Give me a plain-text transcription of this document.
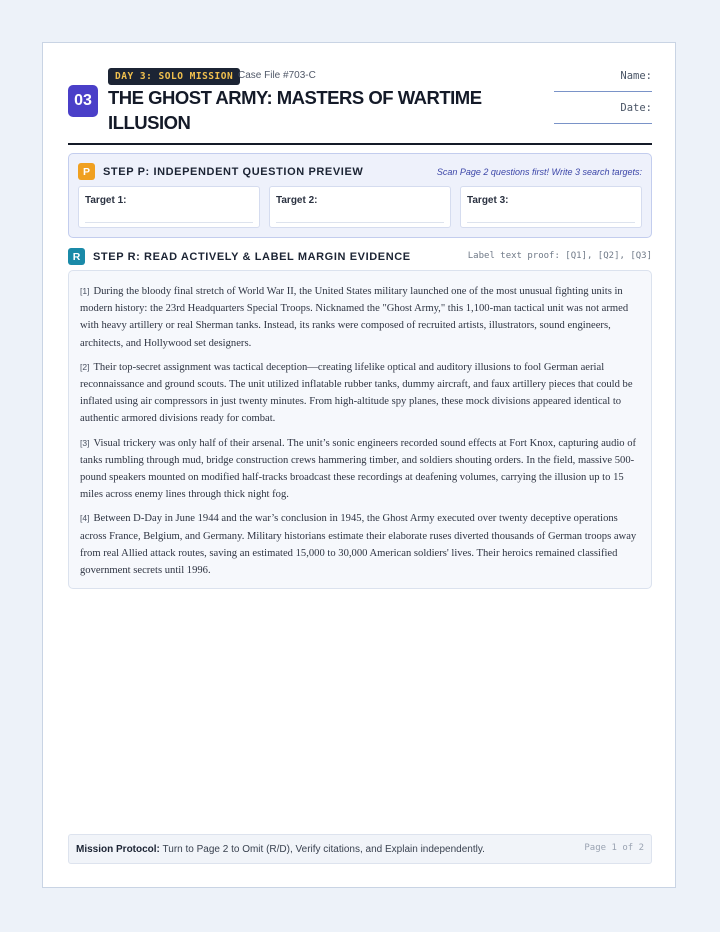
DAY 3: SOLO MISSION Case File #703-C
03 THE GHOST ARMY: MASTERS OF WARTIME ILLUSION
Name:
Date:
P	STEP P: INDEPENDENT QUESTION PREVIEW	Scan Page 2 questions first! Write 3 search targets:
Target 1:	Target 2:	Target 3:
R	STEP R: READ ACTIVELY & LABEL MARGIN EVIDENCE	Label text proof: [Q1], [Q2], [Q3]

[1] During the bloody final stretch of World War II, the United States military launched one of the most unusual fighting units in modern history: the 23rd Headquarters Special Troops. Nicknamed the "Ghost Army," this 1,100-man tactical unit was not armed with heavy artillery or real Sherman tanks. Instead, its ranks were composed of recruited artists, illustrators, sound engineers, architects, and Hollywood set designers.

[2] Their top-secret assignment was tactical deception—creating lifelike optical and auditory illusions to fool German aerial reconnaissance and ground scouts. The unit utilized inflatable rubber tanks, dummy aircraft, and faux artillery pieces that could be inflated using air compressors in just twenty minutes. From high-altitude spy planes, these mock divisions appeared identical to authentic armored divisions ready for combat.

[3] Visual trickery was only half of their arsenal. The unit’s sonic engineers recorded sound effects at Fort Knox, capturing audio of tanks rumbling through mud, bridge construction crews hammering timber, and soldiers shouting orders. In the field, massive 500-pound speakers mounted on modified half-tracks broadcast these recordings at deafening volumes, carrying the illusion up to 15 miles across enemy lines through thick night fog.

[4] Between D-Day in June 1944 and the war’s conclusion in 1945, the Ghost Army executed over twenty deceptive operations across France, Belgium, and Germany. Military historians estimate their elaborate ruses diverted thousands of German troops away from real Allied attack routes, saving an estimated 15,000 to 30,000 American soldiers' lives. Their heroics remained classified government secrets until 1996.

Mission Protocol: Turn to Page 2 to Omit (R/D), Verify citations, and Explain independently.	Page 1 of 2
